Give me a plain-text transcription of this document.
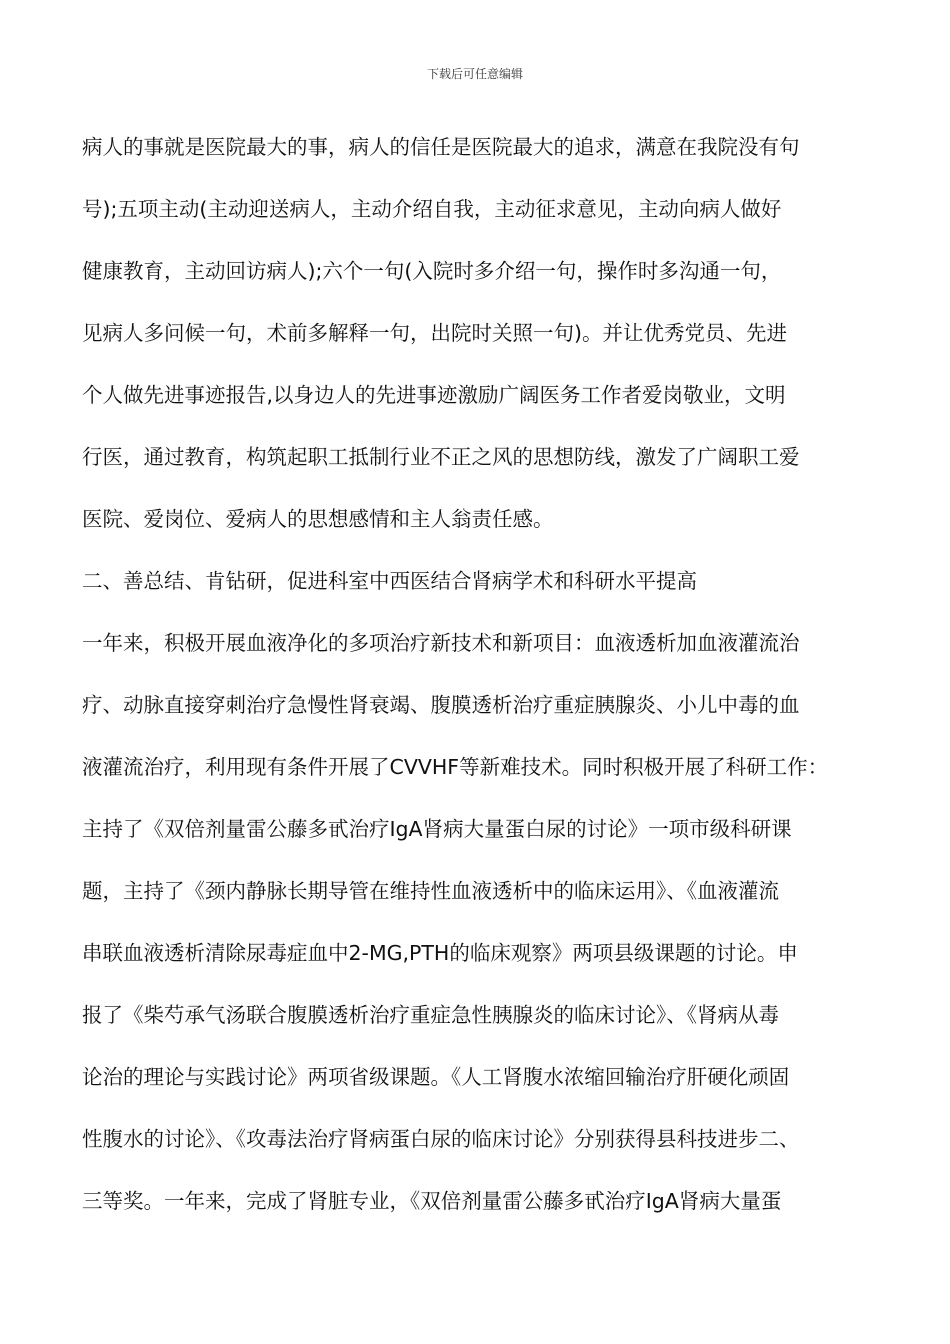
下载后可任意编辑
病人的事就是医院最大的事，病人的信任是医院最大的追求，满意在我院没有句
号);五项主动(主动迎送病人，主动介绍自我，主动征求意见，主动向病人做好
健康教育，主动回访病人);六个一句(入院时多介绍一句，操作时多沟通一句，
见病人多问候一句，术前多解释一句，出院时关照一句)。并让优秀党员、先进
个人做先进事迹报告,以身边人的先进事迹激励广阔医务工作者爱岗敬业，文明
行医，通过教育，构筑起职工抵制行业不正之风的思想防线，激发了广阔职工爱
医院、爱岗位、爱病人的思想感情和主人翁责任感。
二、善总结、肯钻研，促进科室中西医结合肾病学术和科研水平提高
一年来，积极开展血液净化的多项治疗新技术和新项目：血液透析加血液灌流治
疗、动脉直接穿刺治疗急慢性肾衰竭、腹膜透析治疗重症胰腺炎、小儿中毒的血
液灌流治疗，利用现有条件开展了CVVHF等新难技术。同时积极开展了科研工作：
主持了《双倍剂量雷公藤多甙治疗IgA肾病大量蛋白尿的讨论》一项市级科研课
题，主持了《颈内静脉长期导管在维持性血液透析中的临床运用》、《血液灌流
串联血液透析清除尿毒症血中2-MG,PTH的临床观察》两项县级课题的讨论。申
报了《柴芍承气汤联合腹膜透析治疗重症急性胰腺炎的临床讨论》、《肾病从毒
论治的理论与实践讨论》两项省级课题。《人工肾腹水浓缩回输治疗肝硬化顽固
性腹水的讨论》、《攻毒法治疗肾病蛋白尿的临床讨论》分别获得县科技进步二、
三等奖。一年来，完成了肾脏专业，《双倍剂量雷公藤多甙治疗IgA肾病大量蛋
